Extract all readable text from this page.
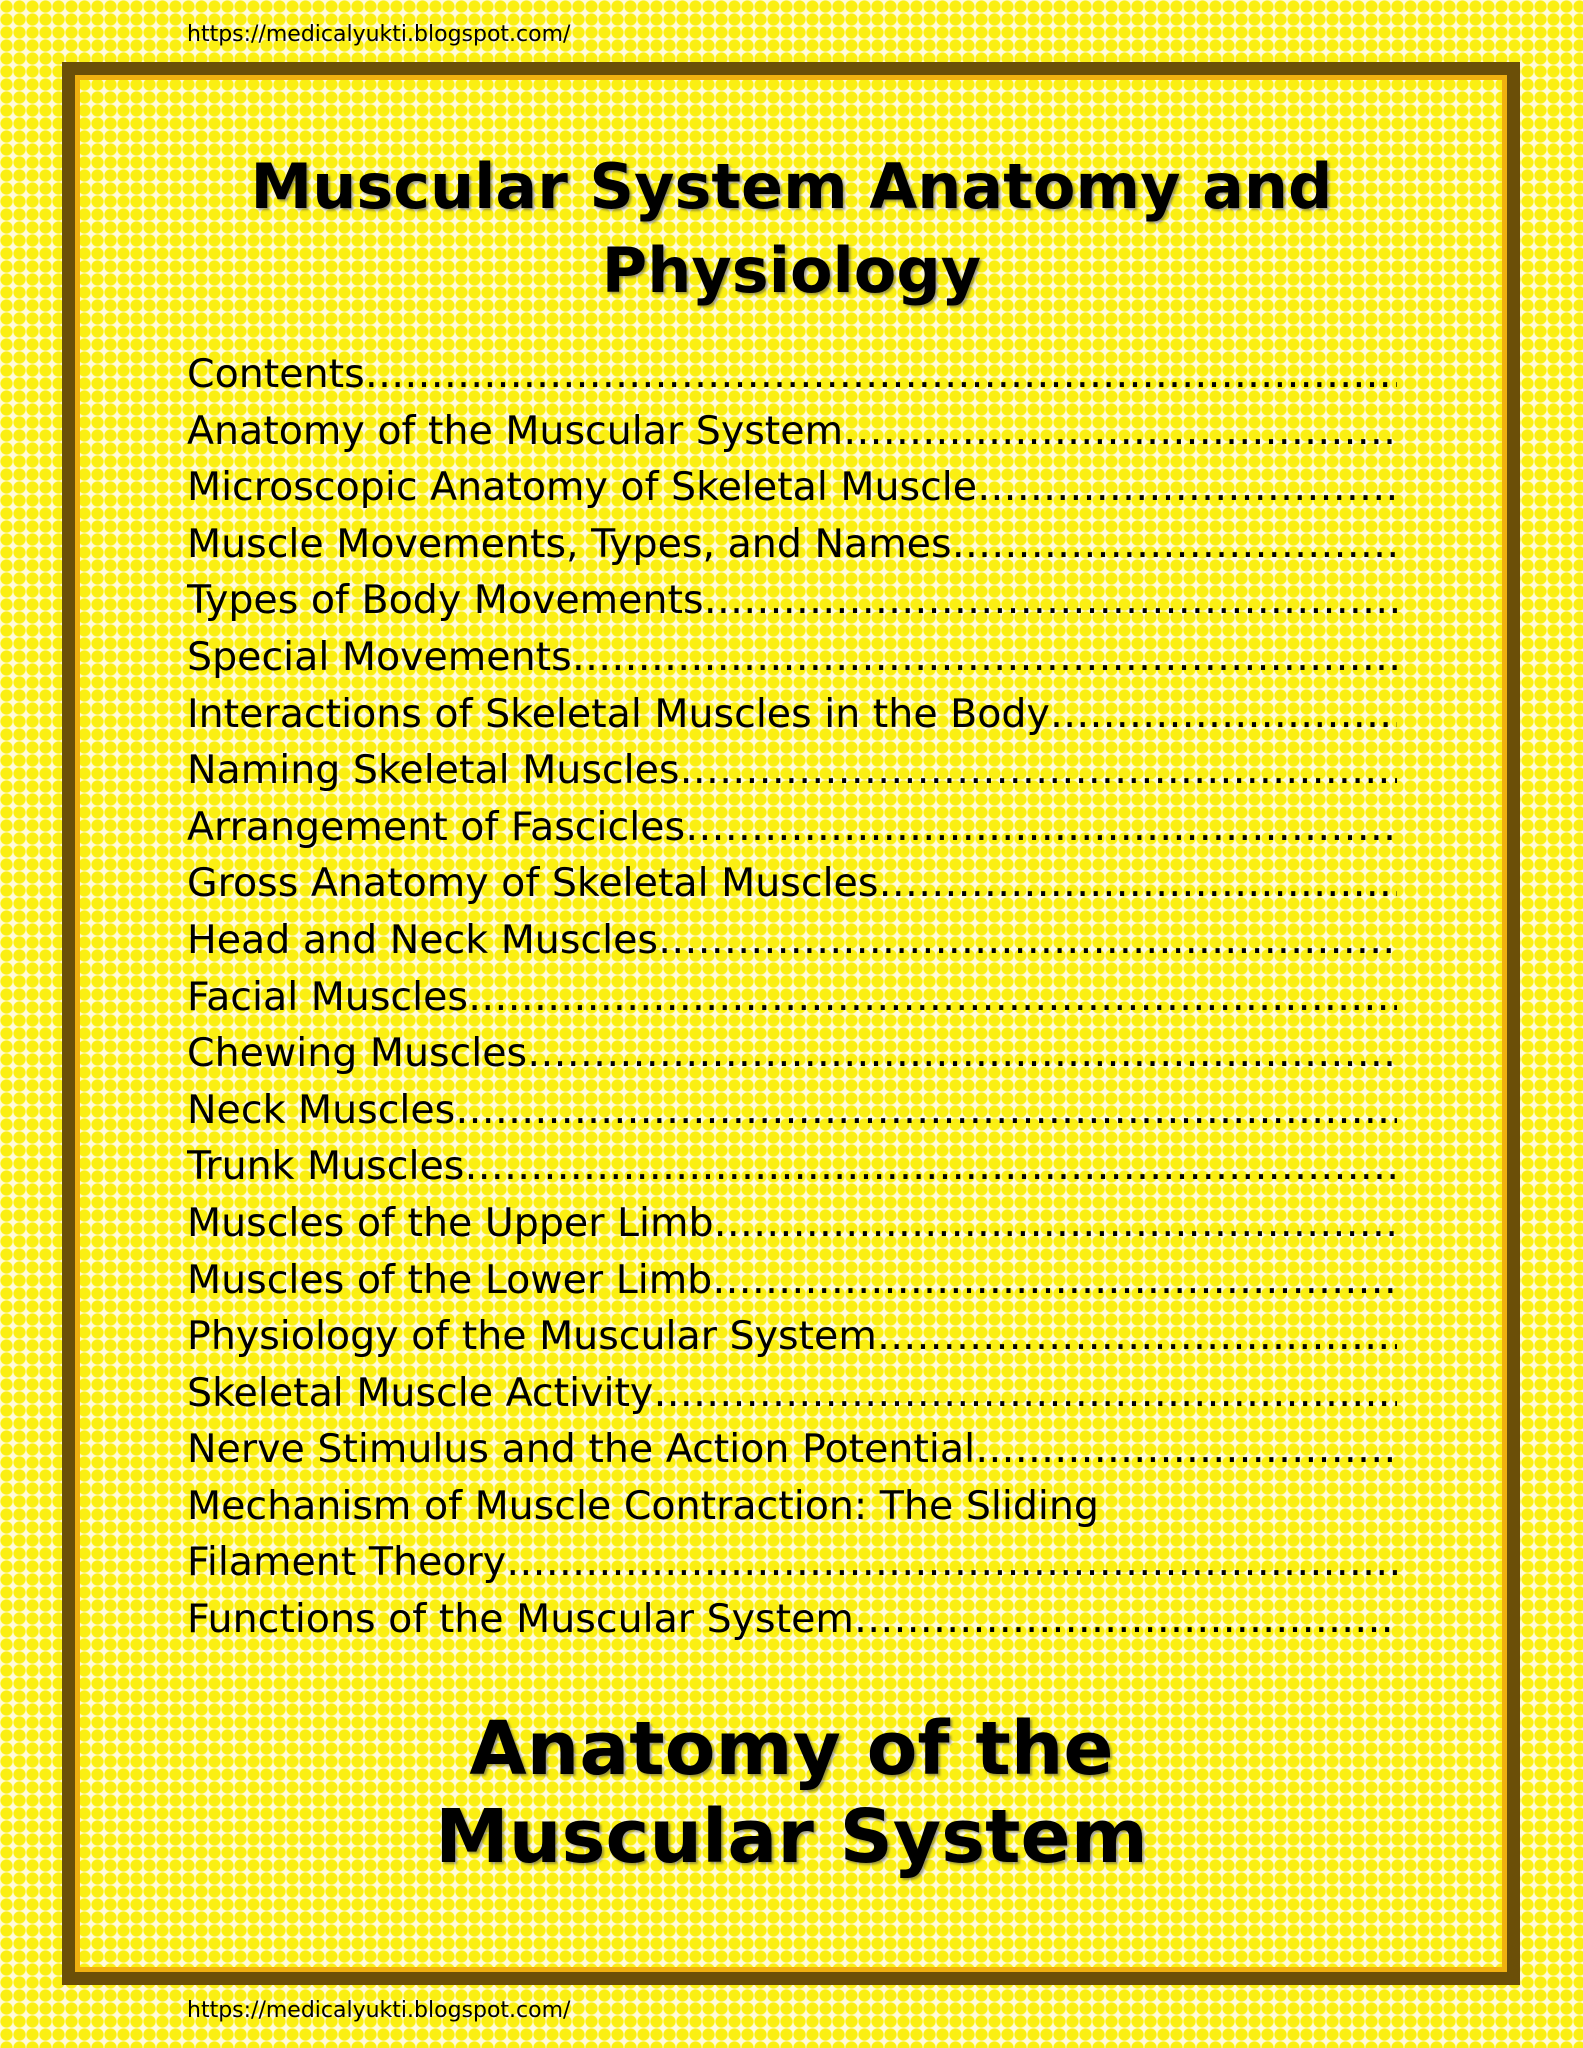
https://medicalyukti.blogspot.com/
Muscular System Anatomy and Physiology
Contents ……………………………………………………………………………………………………………………………………
Anatomy of the Muscular System ……………………………………………………………………………………………………………………………………
Microscopic Anatomy of Skeletal Muscle ……………………………………………………………………………………………………………………………………
Muscle Movements, Types, and Names ……………………………………………………………………………………………………………………………………
Types of Body Movements ……………………………………………………………………………………………………………………………………
Special Movements ……………………………………………………………………………………………………………………………………
Interactions of Skeletal Muscles in the Body ……………………………………………………………………………………………………………………………………
Naming Skeletal Muscles ……………………………………………………………………………………………………………………………………
Arrangement of Fascicles ……………………………………………………………………………………………………………………………………
Gross Anatomy of Skeletal Muscles ……………………………………………………………………………………………………………………………………
Head and Neck Muscles ……………………………………………………………………………………………………………………………………
Facial Muscles ……………………………………………………………………………………………………………………………………
Chewing Muscles ……………………………………………………………………………………………………………………………………
Neck Muscles ……………………………………………………………………………………………………………………………………
Trunk Muscles ……………………………………………………………………………………………………………………………………
Muscles of the Upper Limb ……………………………………………………………………………………………………………………………………
Muscles of the Lower Limb ……………………………………………………………………………………………………………………………………
Physiology of the Muscular System ……………………………………………………………………………………………………………………………………
Skeletal Muscle Activity ……………………………………………………………………………………………………………………………………
Nerve Stimulus and the Action Potential ……………………………………………………………………………………………………………………………………
Mechanism of Muscle Contraction: The Sliding
Filament Theory ……………………………………………………………………………………………………………………………………
Functions of the Muscular System ……………………………………………………………………………………………………………………………………
Anatomy of the Muscular System
https://medicalyukti.blogspot.com/
